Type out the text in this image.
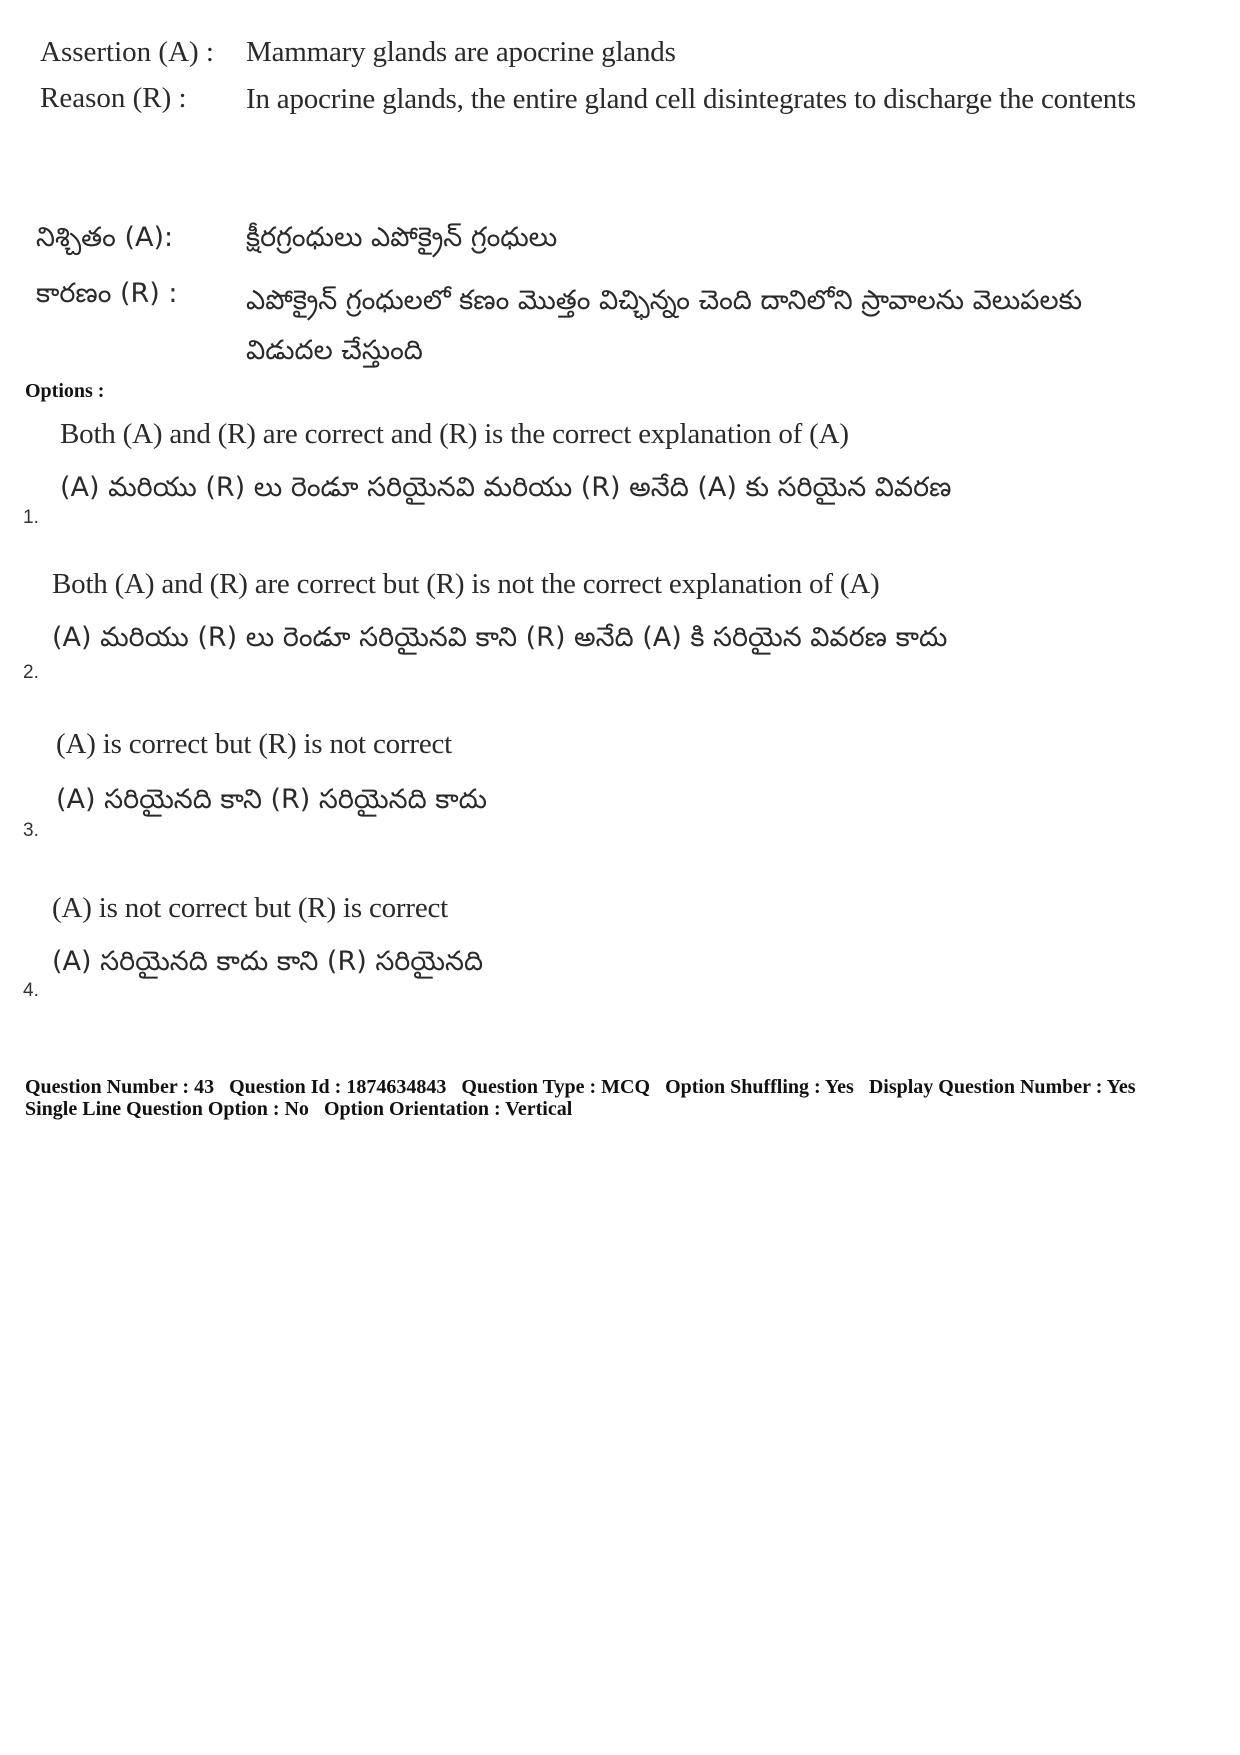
Assertion (A) : Mammary glands are apocrine glands
Reason (R) : In apocrine glands, the entire gland cell disintegrates to discharge the contents
నిశ్చితం (A):	క్షీరగ్రంధులు ఎపోక్రైన్ గ్రంధులు
కారణం (R) :	ఎపోక్రైన్ గ్రంధులలో కణం మొత్తం విచ్ఛిన్నం చెంది దానిలోని స్రావాలను వెలుపలకు విడుదల చేస్తుంది
Options :
Both (A) and (R) are correct and (R) is the correct explanation of (A)
(A) మరియు (R) లు రెండూ సరియైనవి మరియు (R) అనేది (A) కు సరియైన వివరణ
1.
Both (A) and (R) are correct but (R) is not the correct explanation of (A)
(A) మరియు (R) లు రెండూ సరియైనవి కాని (R) అనేది (A) కి సరియైన వివరణ కాదు
2.
(A) is correct but (R) is not correct
(A) సరియైనది కాని (R) సరియైనది కాదు
3.
(A) is not correct but (R) is correct
(A) సరియైనది కాదు కాని (R) సరియైనది
4.
Question Number : 43 Question Id : 1874634843 Question Type : MCQ Option Shuffling : Yes Display Question Number : Yes
Single Line Question Option : No Option Orientation : Vertical
